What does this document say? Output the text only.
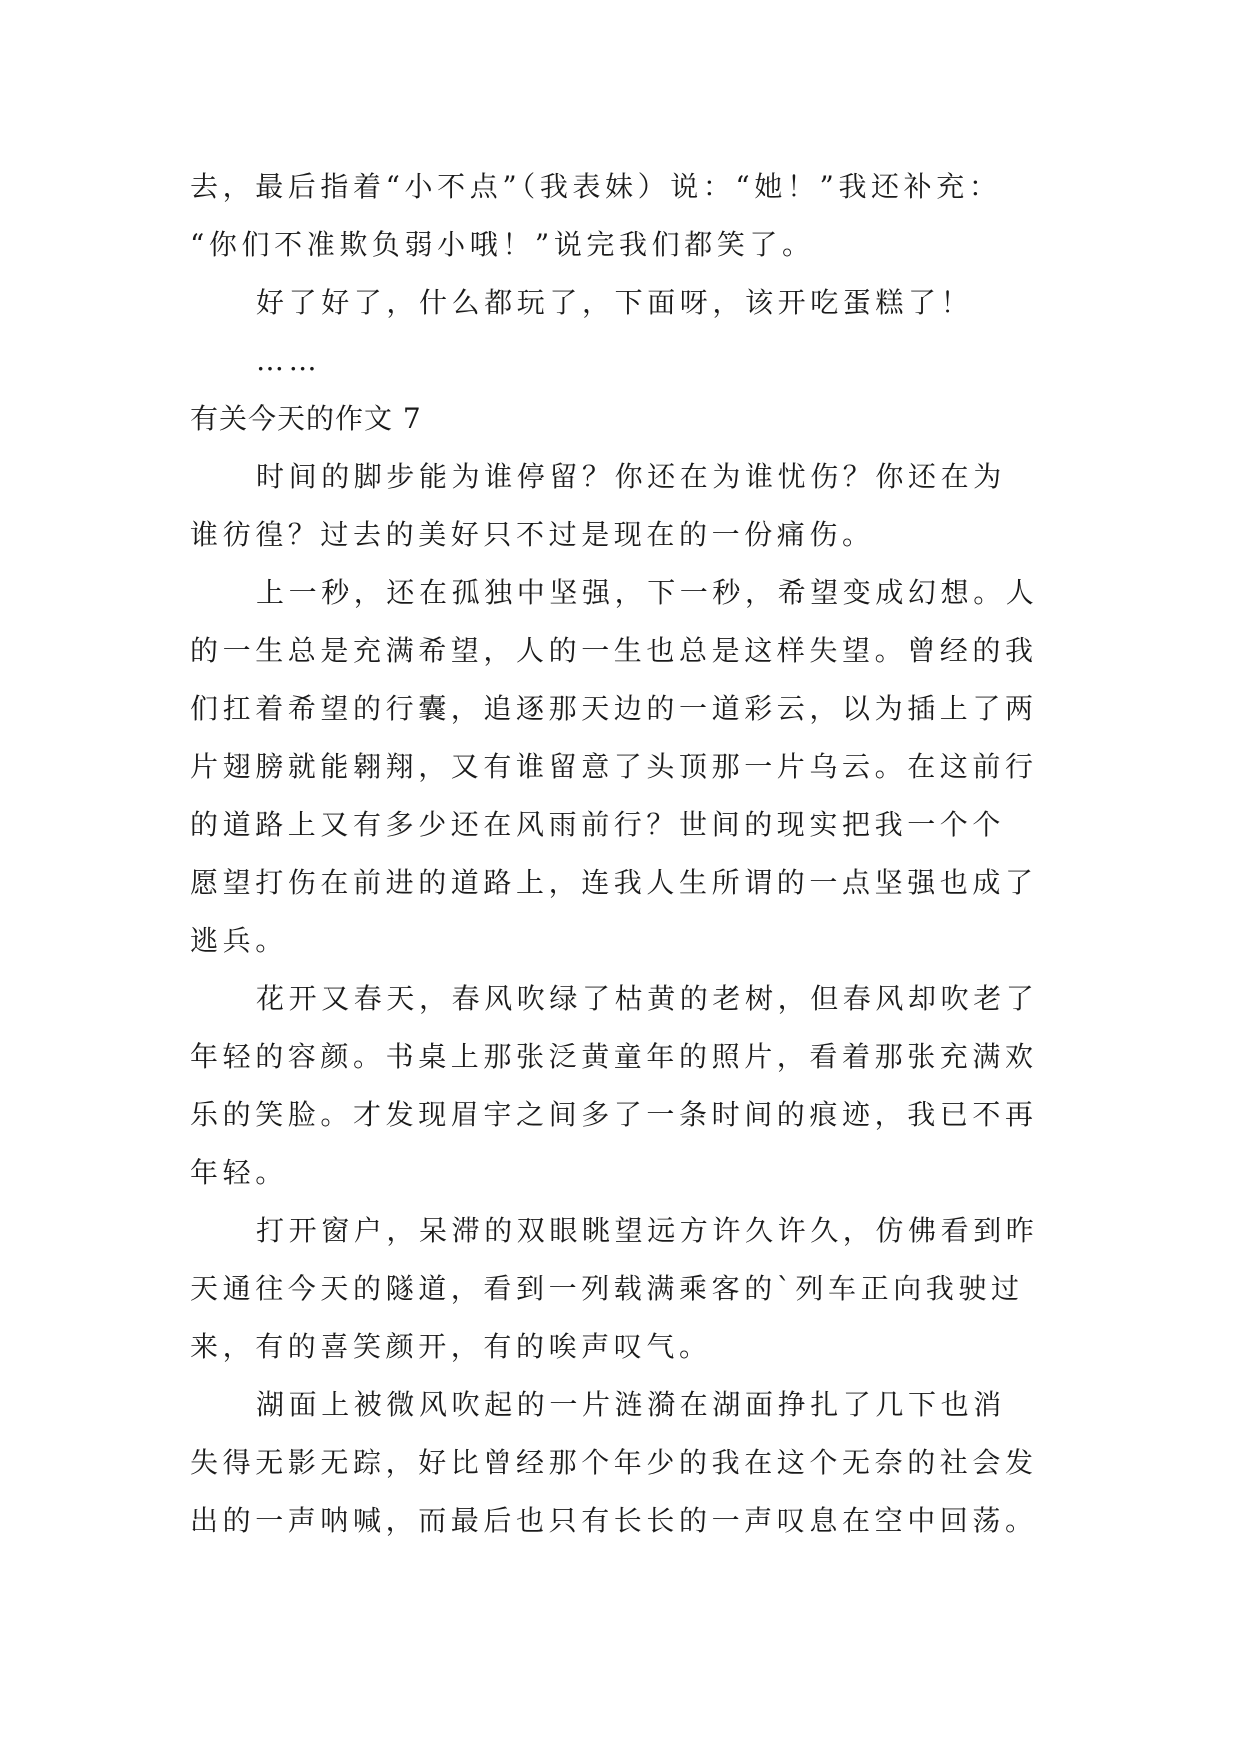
去，最后指着“小不点”（我表妹）说：“她！”我还补充：
“你们不准欺负弱小哦！”说完我们都笑了。
好了好了，什么都玩了，下面呀，该开吃蛋糕了！
……
有关今天的作文 7
时间的脚步能为谁停留？你还在为谁忧伤？你还在为
谁彷徨？过去的美好只不过是现在的一份痛伤。
上一秒，还在孤独中坚强，下一秒，希望变成幻想。人
的一生总是充满希望，人的一生也总是这样失望。曾经的我
们扛着希望的行囊，追逐那天边的一道彩云，以为插上了两
片翅膀就能翱翔，又有谁留意了头顶那一片乌云。在这前行
的道路上又有多少还在风雨前行？世间的现实把我一个个
愿望打伤在前进的道路上，连我人生所谓的一点坚强也成了
逃兵。
花开又春天，春风吹绿了枯黄的老树，但春风却吹老了
年轻的容颜。书桌上那张泛黄童年的照片，看着那张充满欢
乐的笑脸。才发现眉宇之间多了一条时间的痕迹，我已不再
年轻。
打开窗户，呆滞的双眼眺望远方许久许久，仿佛看到昨
天通往今天的隧道，看到一列载满乘客的`列车正向我驶过
来，有的喜笑颜开，有的唉声叹气。
湖面上被微风吹起的一片涟漪在湖面挣扎了几下也消
失得无影无踪，好比曾经那个年少的我在这个无奈的社会发
出的一声呐喊，而最后也只有长长的一声叹息在空中回荡。
